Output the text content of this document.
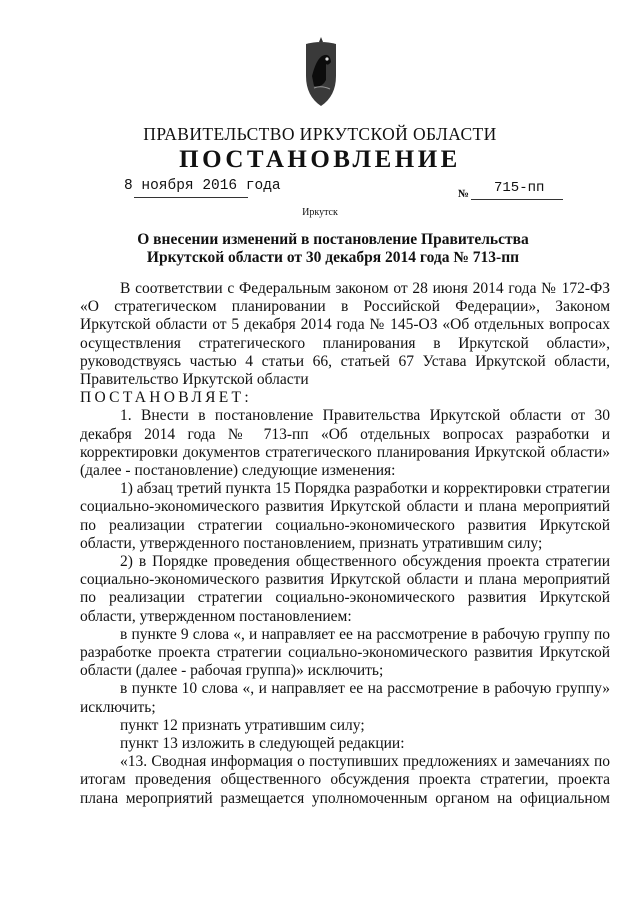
ПРАВИТЕЛЬСТВО ИРКУТСКОЙ ОБЛАСТИ
ПОСТАНОВЛЕНИЕ
8 ноября 2016 года	№ 715-пп
Иркутск
О внесении изменений в постановление Правительства Иркутской области от 30 декабря 2014 года № 713-пп

В соответствии с Федеральным законом от 28 июня 2014 года № 172-ФЗ «О стратегическом планировании в Российской Федерации», Законом Иркутской области от 5 декабря 2014 года № 145-ОЗ «Об отдельных вопросах осуществления стратегического планирования в Иркутской области», руководствуясь частью 4 статьи 66, статьей 67 Устава Иркутской области, Правительство Иркутской области

ПОСТАНОВЛЯЕТ:

1. Внести в постановление Правительства Иркутской области от 30 декабря 2014 года № 713-пп «Об отдельных вопросах разработки и корректировки документов стратегического планирования Иркутской области» (далее - постановление) следующие изменения:

1) абзац третий пункта 15 Порядка разработки и корректировки стратегии социально-экономического развития Иркутской области и плана мероприятий по реализации стратегии социально-экономического развития Иркутской области, утвержденного постановлением, признать утратившим силу;

2) в Порядке проведения общественного обсуждения проекта стратегии социально-экономического развития Иркутской области и плана мероприятий по реализации стратегии социально-экономического развития Иркутской области, утвержденном постановлением:

в пункте 9 слова «, и направляет ее на рассмотрение в рабочую группу по разработке проекта стратегии социально-экономического развития Иркутской области (далее - рабочая группа)» исключить;

в пункте 10 слова «, и направляет ее на рассмотрение в рабочую группу» исключить;

пункт 12 признать утратившим силу;

пункт 13 изложить в следующей редакции:

«13. Сводная информация о поступивших предложениях и замечаниях по итогам проведения общественного обсуждения проекта стратегии, проекта плана мероприятий размещается уполномоченным органом на официальном
